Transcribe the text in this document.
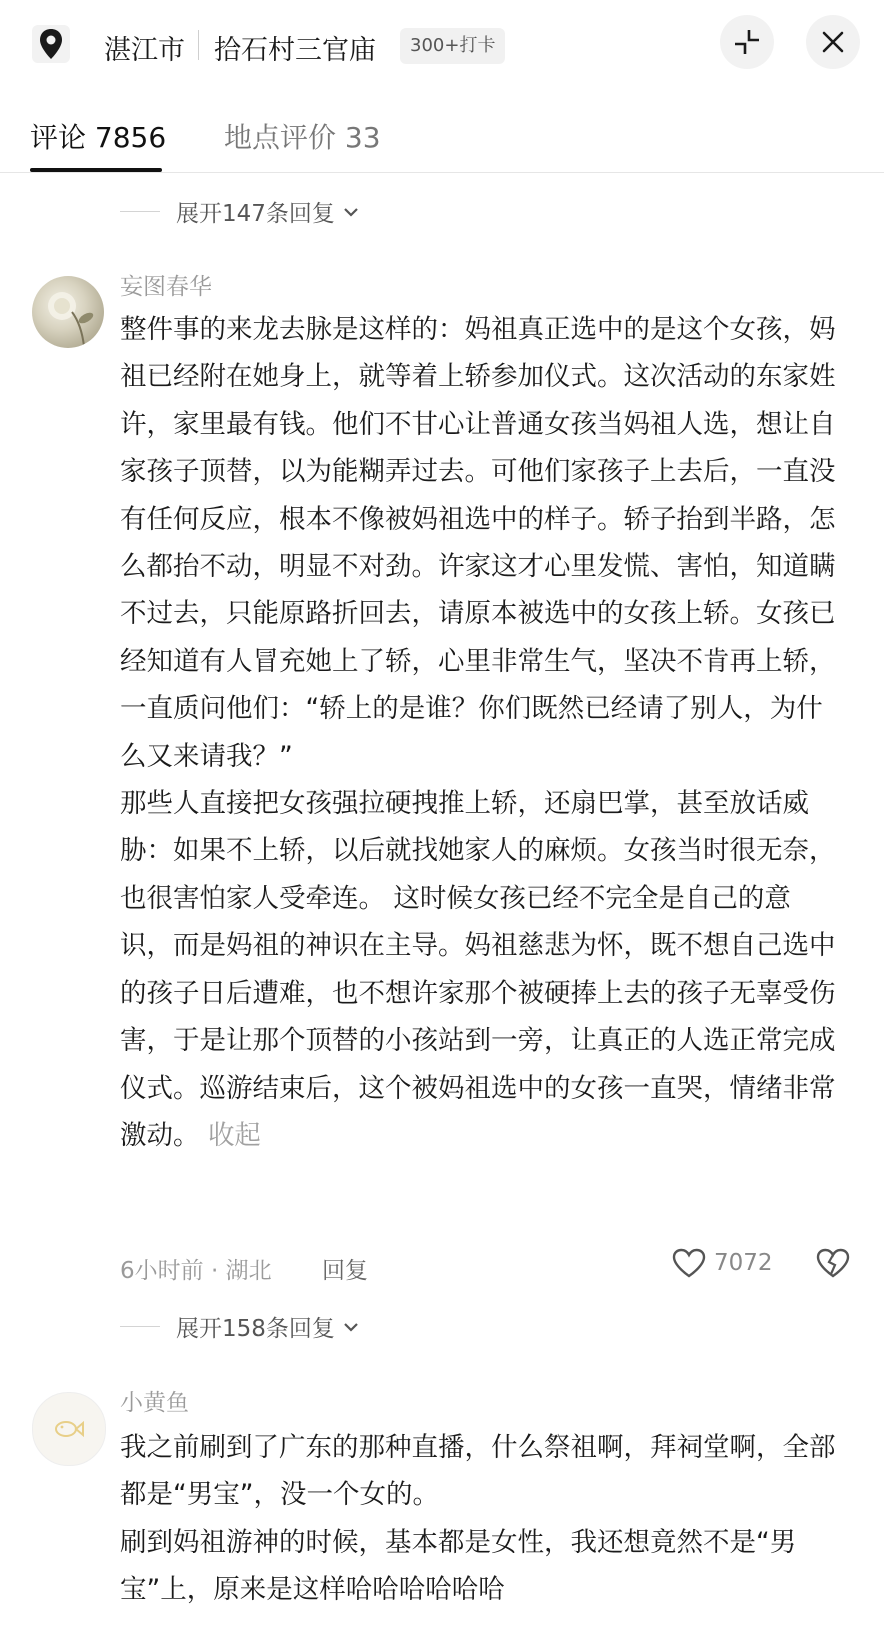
湛江市 拾石村三官庙	300+打卡
评论 7856 地点评价 33
展开147条回复
妄图春华

整件事的来龙去脉是这样的：妈祖真正选中的是这个女孩，妈祖已经附在她身上，就等着上轿参加仪式。这次活动的东家姓许，家里最有钱。他们不甘心让普通女孩当妈祖人选，想让自家孩子顶替，以为能糊弄过去。可他们家孩子上去后，一直没有任何反应，根本不像被妈祖选中的样子。轿子抬到半路，怎么都抬不动，明显不对劲。许家这才心里发慌、害怕，知道瞒不过去，只能原路折回去，请原本被选中的女孩上轿。女孩已经知道有人冒充她上了轿，心里非常生气，坚决不肯再上轿，一直质问他们：“轿上的是谁？你们既然已经请了别人，为什么又来请我？”

那些人直接把女孩强拉硬拽推上轿，还扇巴掌，甚至放话威胁：如果不上轿，以后就找她家人的麻烦。女孩当时很无奈，也很害怕家人受牵连。 这时候女孩已经不完全是自己的意识，而是妈祖的神识在主导。妈祖慈悲为怀，既不想自己选中的孩子日后遭难，也不想许家那个被硬捧上去的孩子无辜受伤害，于是让那个顶替的小孩站到一旁，让真正的人选正常完成仪式。巡游结束后，这个被妈祖选中的女孩一直哭，情绪非常激动。 收起

6小时前 · 湖北 回复	7072
展开158条回复
小黄鱼

我之前刷到了广东的那种直播，什么祭祖啊，拜祠堂啊，全部都是“男宝”，没一个女的。

刷到妈祖游神的时候，基本都是女性，我还想竟然不是“男宝”上，原来是这样哈哈哈哈哈哈
